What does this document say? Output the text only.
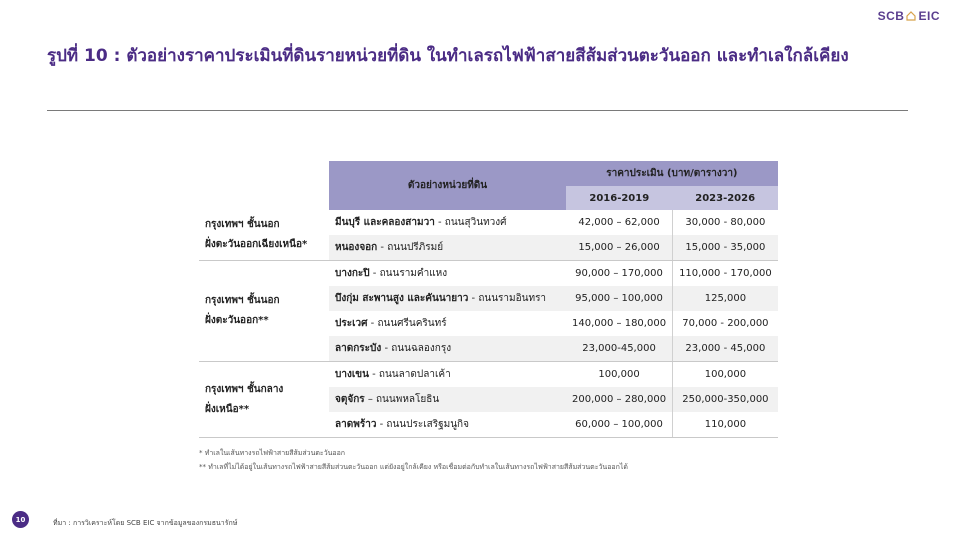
SCB EIC
รูปที่ 10 : ตัวอย่างราคาประเมินที่ดินรายหน่วยที่ดิน ในทำเลรถไฟฟ้าสายสีส้มส่วนตะวันออก และทำเลใกล้เคียง
	ตัวอย่างหน่วยที่ดิน	ราคาประเมิน (บาท/ตารางวา)	
		2016-2019	2023-2026

กรุงเทพฯ ชั้นนอก
ฝั่งตะวันออกเฉียงเหนือ*	มีนบุรี และคลองสามวา - ถนนสุวินทวงศ์	42,000 – 62,000	30,000 - 80,000
	หนองจอก - ถนนปรีภิรมย์	15,000 – 26,000	15,000 - 35,000

กรุงเทพฯ ชั้นนอก
ฝั่งตะวันออก**	บางกะปิ - ถนนรามคำแหง	90,000 – 170,000	110,000 - 170,000
	บึงกุ่ม สะพานสูง และคันนายาว - ถนนรามอินทรา	95,000 – 100,000	125,000
	ประเวศ - ถนนศรีนครินทร์	140,000 – 180,000	70,000 - 200,000
	ลาดกระบัง - ถนนฉลองกรุง	23,000-45,000	23,000 - 45,000

กรุงเทพฯ ชั้นกลาง
ฝั่งเหนือ**	บางเขน - ถนนลาดปลาเค้า	100,000	100,000
	จตุจักร – ถนนพหลโยธิน	200,000 – 280,000	250,000-350,000
	ลาดพร้าว - ถนนประเสริฐมนูกิจ	60,000 – 100,000	110,000
* ทำเลในเส้นทางรถไฟฟ้าสายสีส้มส่วนตะวันออก
** ทำเลที่ไม่ได้อยู่ในเส้นทางรถไฟฟ้าสายสีส้มส่วนตะวันออก แต่ยังอยู่ใกล้เคียง หรือเชื่อมต่อกับทำเลในเส้นทางรถไฟฟ้าสายสีส้มส่วนตะวันออกได้
10	ที่มา : การวิเคราะห์โดย SCB EIC จากข้อมูลของกรมธนารักษ์
